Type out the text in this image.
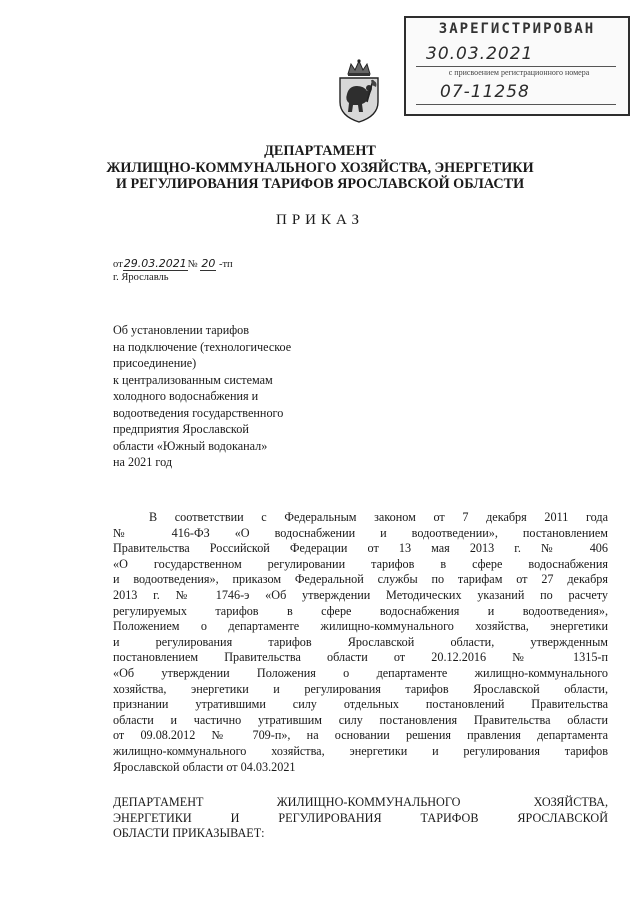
ЗАРЕГИСТРИРОВАН
30.03.2021
с присвоением регистрационного номера
07-11258
ДЕПАРТАМЕНТ
ЖИЛИЩНО-КОММУНАЛЬНОГО ХОЗЯЙСТВА, ЭНЕРГЕТИКИ
И РЕГУЛИРОВАНИЯ ТАРИФОВ ЯРОСЛАВСКОЙ ОБЛАСТИ
ПРИКАЗ
от29.03.2021№ 20 -тп
г. Ярославль
Об установлении тарифов
на подключение (технологическое
присоединение)
к централизованным системам
холодного водоснабжения и
водоотведения государственного
предприятия Ярославской
области «Южный водоканал»
на 2021 год
В соответствии с Федеральным законом от 7 декабря 2011 года
№ 416-ФЗ «О водоснабжении и водоотведении», постановлением
Правительства Российской Федерации от 13 мая 2013 г. № 406
«О государственном регулировании тарифов в сфере водоснабжения
и водоотведения», приказом Федеральной службы по тарифам от 27 декабря
2013 г. № 1746-э «Об утверждении Методических указаний по расчету
регулируемых тарифов в сфере водоснабжения и водоотведения»,
Положением о департаменте жилищно-коммунального хозяйства, энергетики
и регулирования тарифов Ярославской области, утвержденным
постановлением Правительства области от 20.12.2016 № 1315-п
«Об утверждении Положения о департаменте жилищно-коммунального
хозяйства, энергетики и регулирования тарифов Ярославской области,
признании утратившими силу отдельных постановлений Правительства
области и частично утратившим силу постановления Правительства области
от 09.08.2012 № 709-п», на основании решения правления департамента
жилищно-коммунального хозяйства, энергетики и регулирования тарифов
Ярославской области от 04.03.2021
ДЕПАРТАМЕНТ ЖИЛИЩНО-КОММУНАЛЬНОГО ХОЗЯЙСТВА,
ЭНЕРГЕТИКИ И РЕГУЛИРОВАНИЯ ТАРИФОВ ЯРОСЛАВСКОЙ
ОБЛАСТИ ПРИКАЗЫВАЕТ:
